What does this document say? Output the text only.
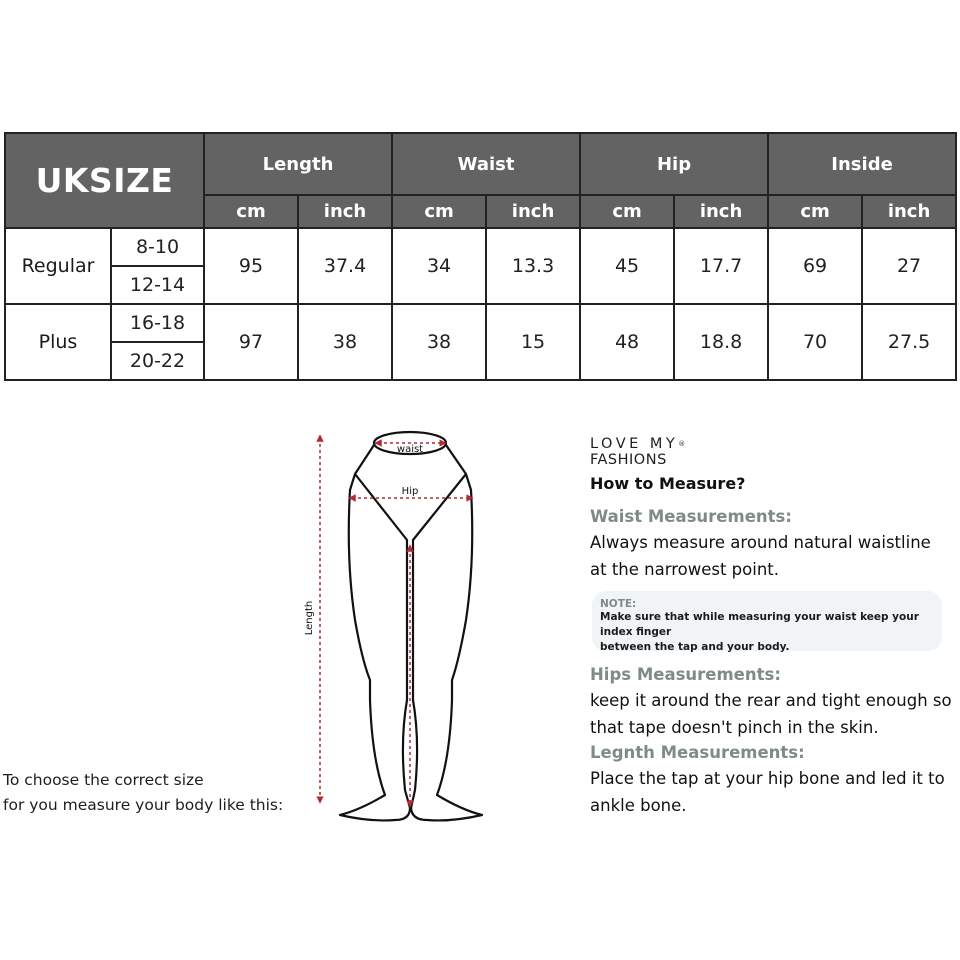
UKSIZE		Length		Waist		Hip		Inside	
		cm	inch	cm	inch	cm	inch	cm	inch
Regular	8-10	95	37.4	34	13.3	45	17.7	69	27
	12-14								
Plus	16-18	97	38	38	15	48	18.8	70	27.5
	20-22								
To choose the correct size
for you measure your body like this:
waist
Hip
Length
LOVE MY®
FASHIONS
How to Measure?
Waist Measurements:
Always measure around natural waistline
at the narrowest point.
NOTE:
Make sure that while measuring your waist keep your index finger
between the tap and your body.
Hips Measurements:
keep it around the rear and tight enough so
that tape doesn't pinch in the skin.
Legnth Measurements:
Place the tap at your hip bone and led it to
ankle bone.
